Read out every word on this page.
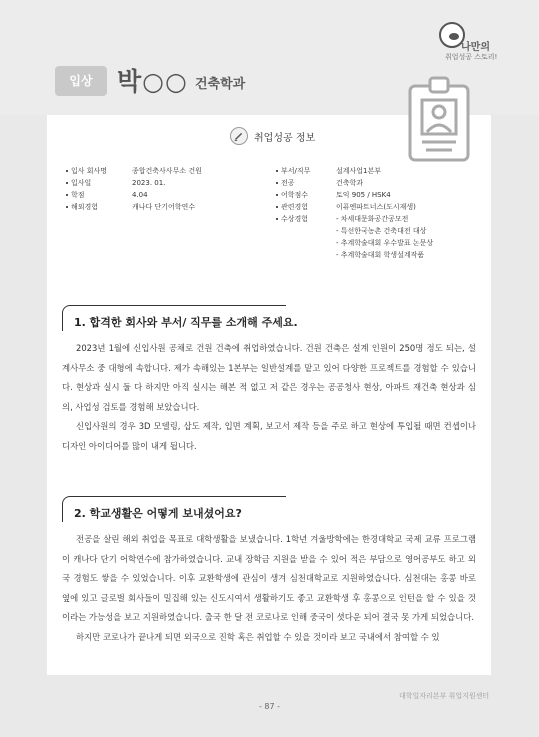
나만의
취업성공 스토리!
입상 박○○ 건축학과
취업성공 정보
입사 회사명	종합건축사사무소 건원
입사일	2023. 01.
학점	4.04
해외경험	캐나다 단기어학연수
부서/직무	설계사업1본부
전공	건축학과
어학점수	토익 905 / HSK4
관련경험	이퓨엔파트너스(도시재생)
수상경험	- 차세대문화공간공모전
- 특선한국농촌 건축대전 대상
- 추계학술대회 우수발표 논문상
- 추계학술대회 학생설계작품
1. 합격한 회사와 부서/ 직무를 소개해 주세요.

2023년 1월에 신입사원 공채로 건원 건축에 취업하였습니다. 건원 건축은 설계 인원이 250명 정도 되는, 설계사무소 중 대형에 속합니다. 제가 속해있는 1본부는 일반설계를 맡고 있어 다양한 프로젝트를 경험할 수 있습니다. 현상과 실시 둘 다 하지만 아직 실시는 해본 적 없고 저 같은 경우는 공공청사 현상, 아파트 재건축 현상과 심의, 사업성 검토를 경험해 보았습니다.

신입사원의 경우 3D 모델링, 삽도 제작, 입면 계획, 보고서 제작 등을 주로 하고 현상에 투입될 때면 컨셉이나 디자인 아이디어를 많이 내게 됩니다.

2. 학교생활은 어떻게 보내셨어요?

전공을 살린 해외 취업을 목표로 대학생활을 보냈습니다. 1학년 겨울방학에는 한경대학교 국제 교류 프로그램이 캐나다 단기 어학연수에 참가하였습니다. 교내 장학금 지원을 받을 수 있어 적은 부담으로 영어공부도 하고 외국 경험도 쌓을 수 있었습니다. 이후 교환학생에 관심이 생겨 심천대학교로 지원하였습니다. 심천대는 홍콩 바로 옆에 있고 글로벌 회사들이 밀집해 있는 신도시여서 생활하기도 좋고 교환학생 후 홍콩으로 인턴을 할 수 있을 것이라는 가능성을 보고 지원하였습니다. 출국 한 달 전 코로나로 인해 중국이 셧다운 되어 결국 못 가게 되었습니다.

하지만 코로나가 끝나게 되면 외국으로 진학 혹은 취업할 수 있을 것이라 보고 국내에서 참여할 수 있

대학일자리본부 취업지원센터
- 87 -
